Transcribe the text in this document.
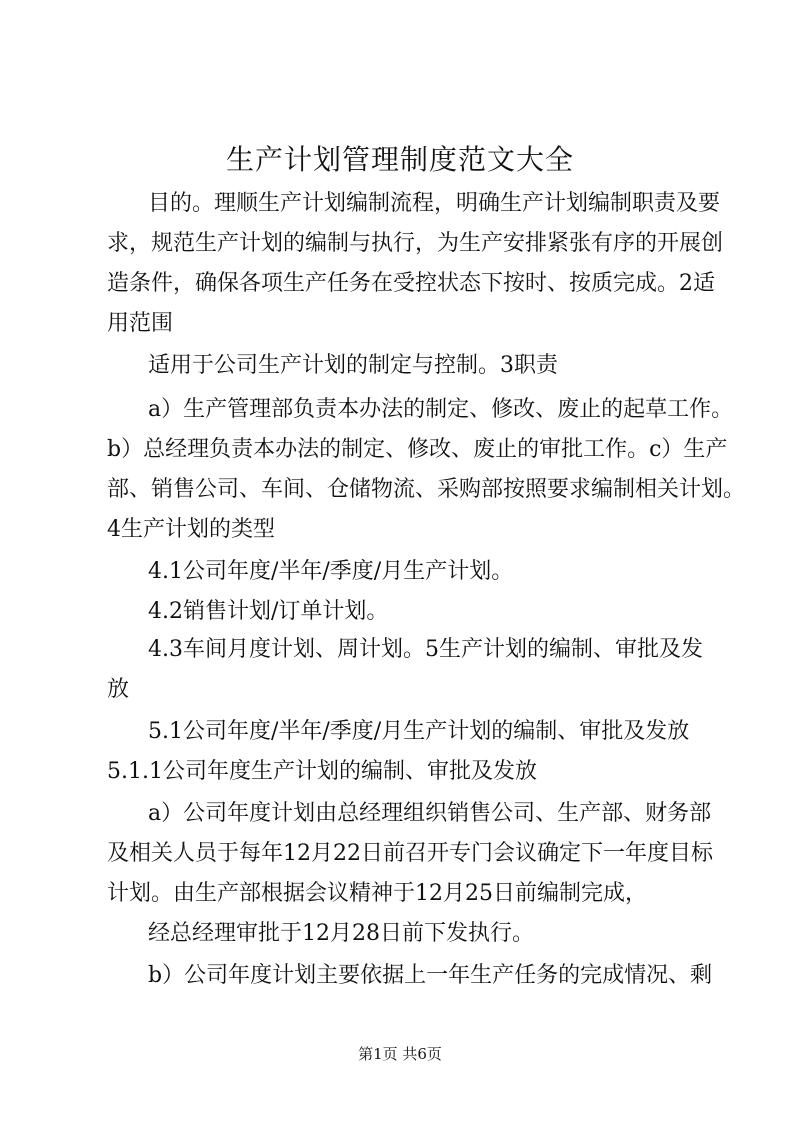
生产计划管理制度范文大全

目的。理顺生产计划编制流程，明确生产计划编制职责及要

求，规范生产计划的编制与执行，为生产安排紧张有序的开展创

造条件，确保各项生产任务在受控状态下按时、按质完成。2适

用范围

适用于公司生产计划的制定与控制。3职责

a）生产管理部负责本办法的制定、修改、废止的起草工作。

b）总经理负责本办法的制定、修改、废止的审批工作。c）生产

部、销售公司、车间、仓储物流、采购部按照要求编制相关计划。

4生产计划的类型

4.1公司年度/半年/季度/月生产计划。

4.2销售计划/订单计划。

4.3车间月度计划、周计划。5生产计划的编制、审批及发

放

5.1公司年度/半年/季度/月生产计划的编制、审批及发放

5.1.1公司年度生产计划的编制、审批及发放

a）公司年度计划由总经理组织销售公司、生产部、财务部

及相关人员于每年12月22日前召开专门会议确定下一年度目标

计划。由生产部根据会议精神于12月25日前编制完成，

经总经理审批于12月28日前下发执行。

b）公司年度计划主要依据上一年生产任务的完成情况、剩

第1页 共6页
